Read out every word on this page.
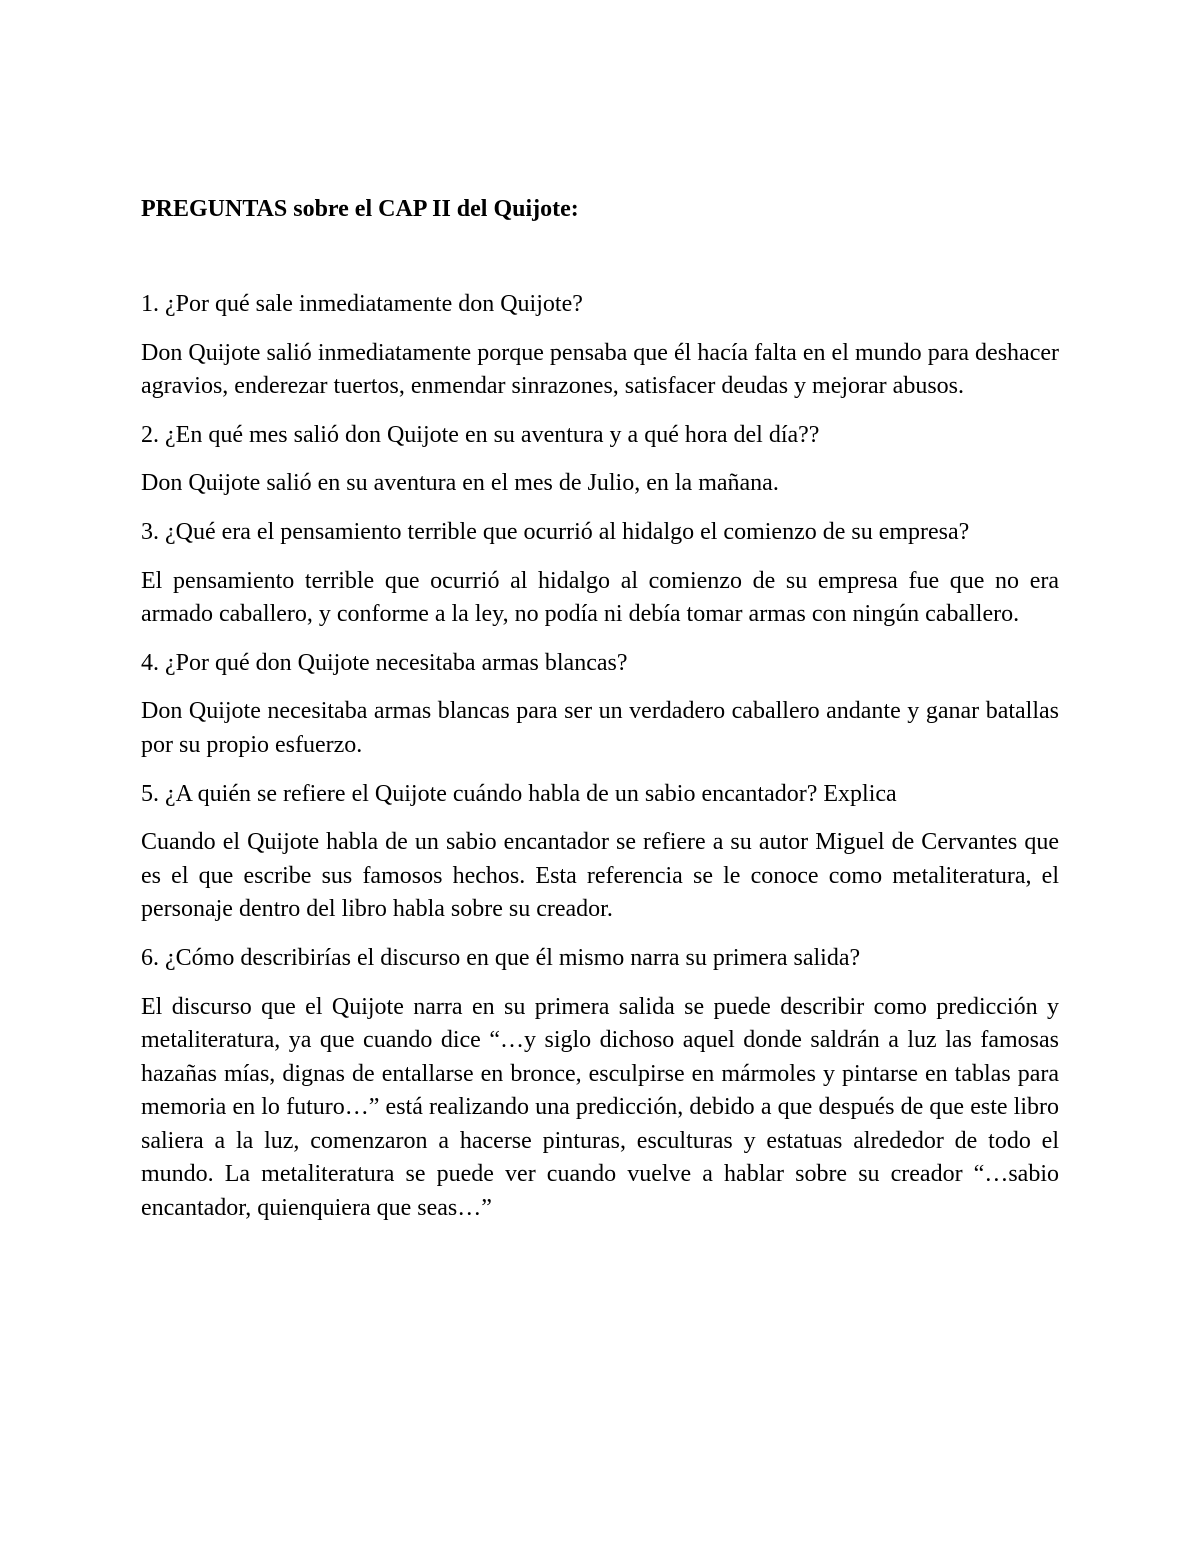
PREGUNTAS sobre el CAP II del Quijote:

1. ¿Por qué sale inmediatamente don Quijote?

Don Quijote salió inmediatamente porque pensaba que él hacía falta en el mundo para deshacer agravios, enderezar tuertos, enmendar sinrazones, satisfacer deudas y mejorar abusos.

2. ¿En qué mes salió don Quijote en su aventura y a qué hora del día??

Don Quijote salió en su aventura en el mes de Julio, en la mañana.

3. ¿Qué era el pensamiento terrible que ocurrió al hidalgo el comienzo de su empresa?

El pensamiento terrible que ocurrió al hidalgo al comienzo de su empresa fue que no era armado caballero, y conforme a la ley, no podía ni debía tomar armas con ningún caballero.

4. ¿Por qué don Quijote necesitaba armas blancas?

Don Quijote necesitaba armas blancas para ser un verdadero caballero andante y ganar batallas por su propio esfuerzo.

5. ¿A quién se refiere el Quijote cuándo habla de un sabio encantador? Explica

Cuando el Quijote habla de un sabio encantador se refiere a su autor Miguel de Cervantes que es el que escribe sus famosos hechos. Esta referencia se le conoce como metaliteratura, el personaje dentro del libro habla sobre su creador.

6. ¿Cómo describirías el discurso en que él mismo narra su primera salida?

El discurso que el Quijote narra en su primera salida se puede describir como predicción y metaliteratura, ya que cuando dice “…y siglo dichoso aquel donde saldrán a luz las famosas hazañas mías, dignas de entallarse en bronce, esculpirse en mármoles y pintarse en tablas para memoria en lo futuro…” está realizando una predicción, debido a que después de que este libro saliera a la luz, comenzaron a hacerse pinturas, esculturas y estatuas alrededor de todo el mundo. La metaliteratura se puede ver cuando vuelve a hablar sobre su creador “…sabio encantador, quienquiera que seas…”
